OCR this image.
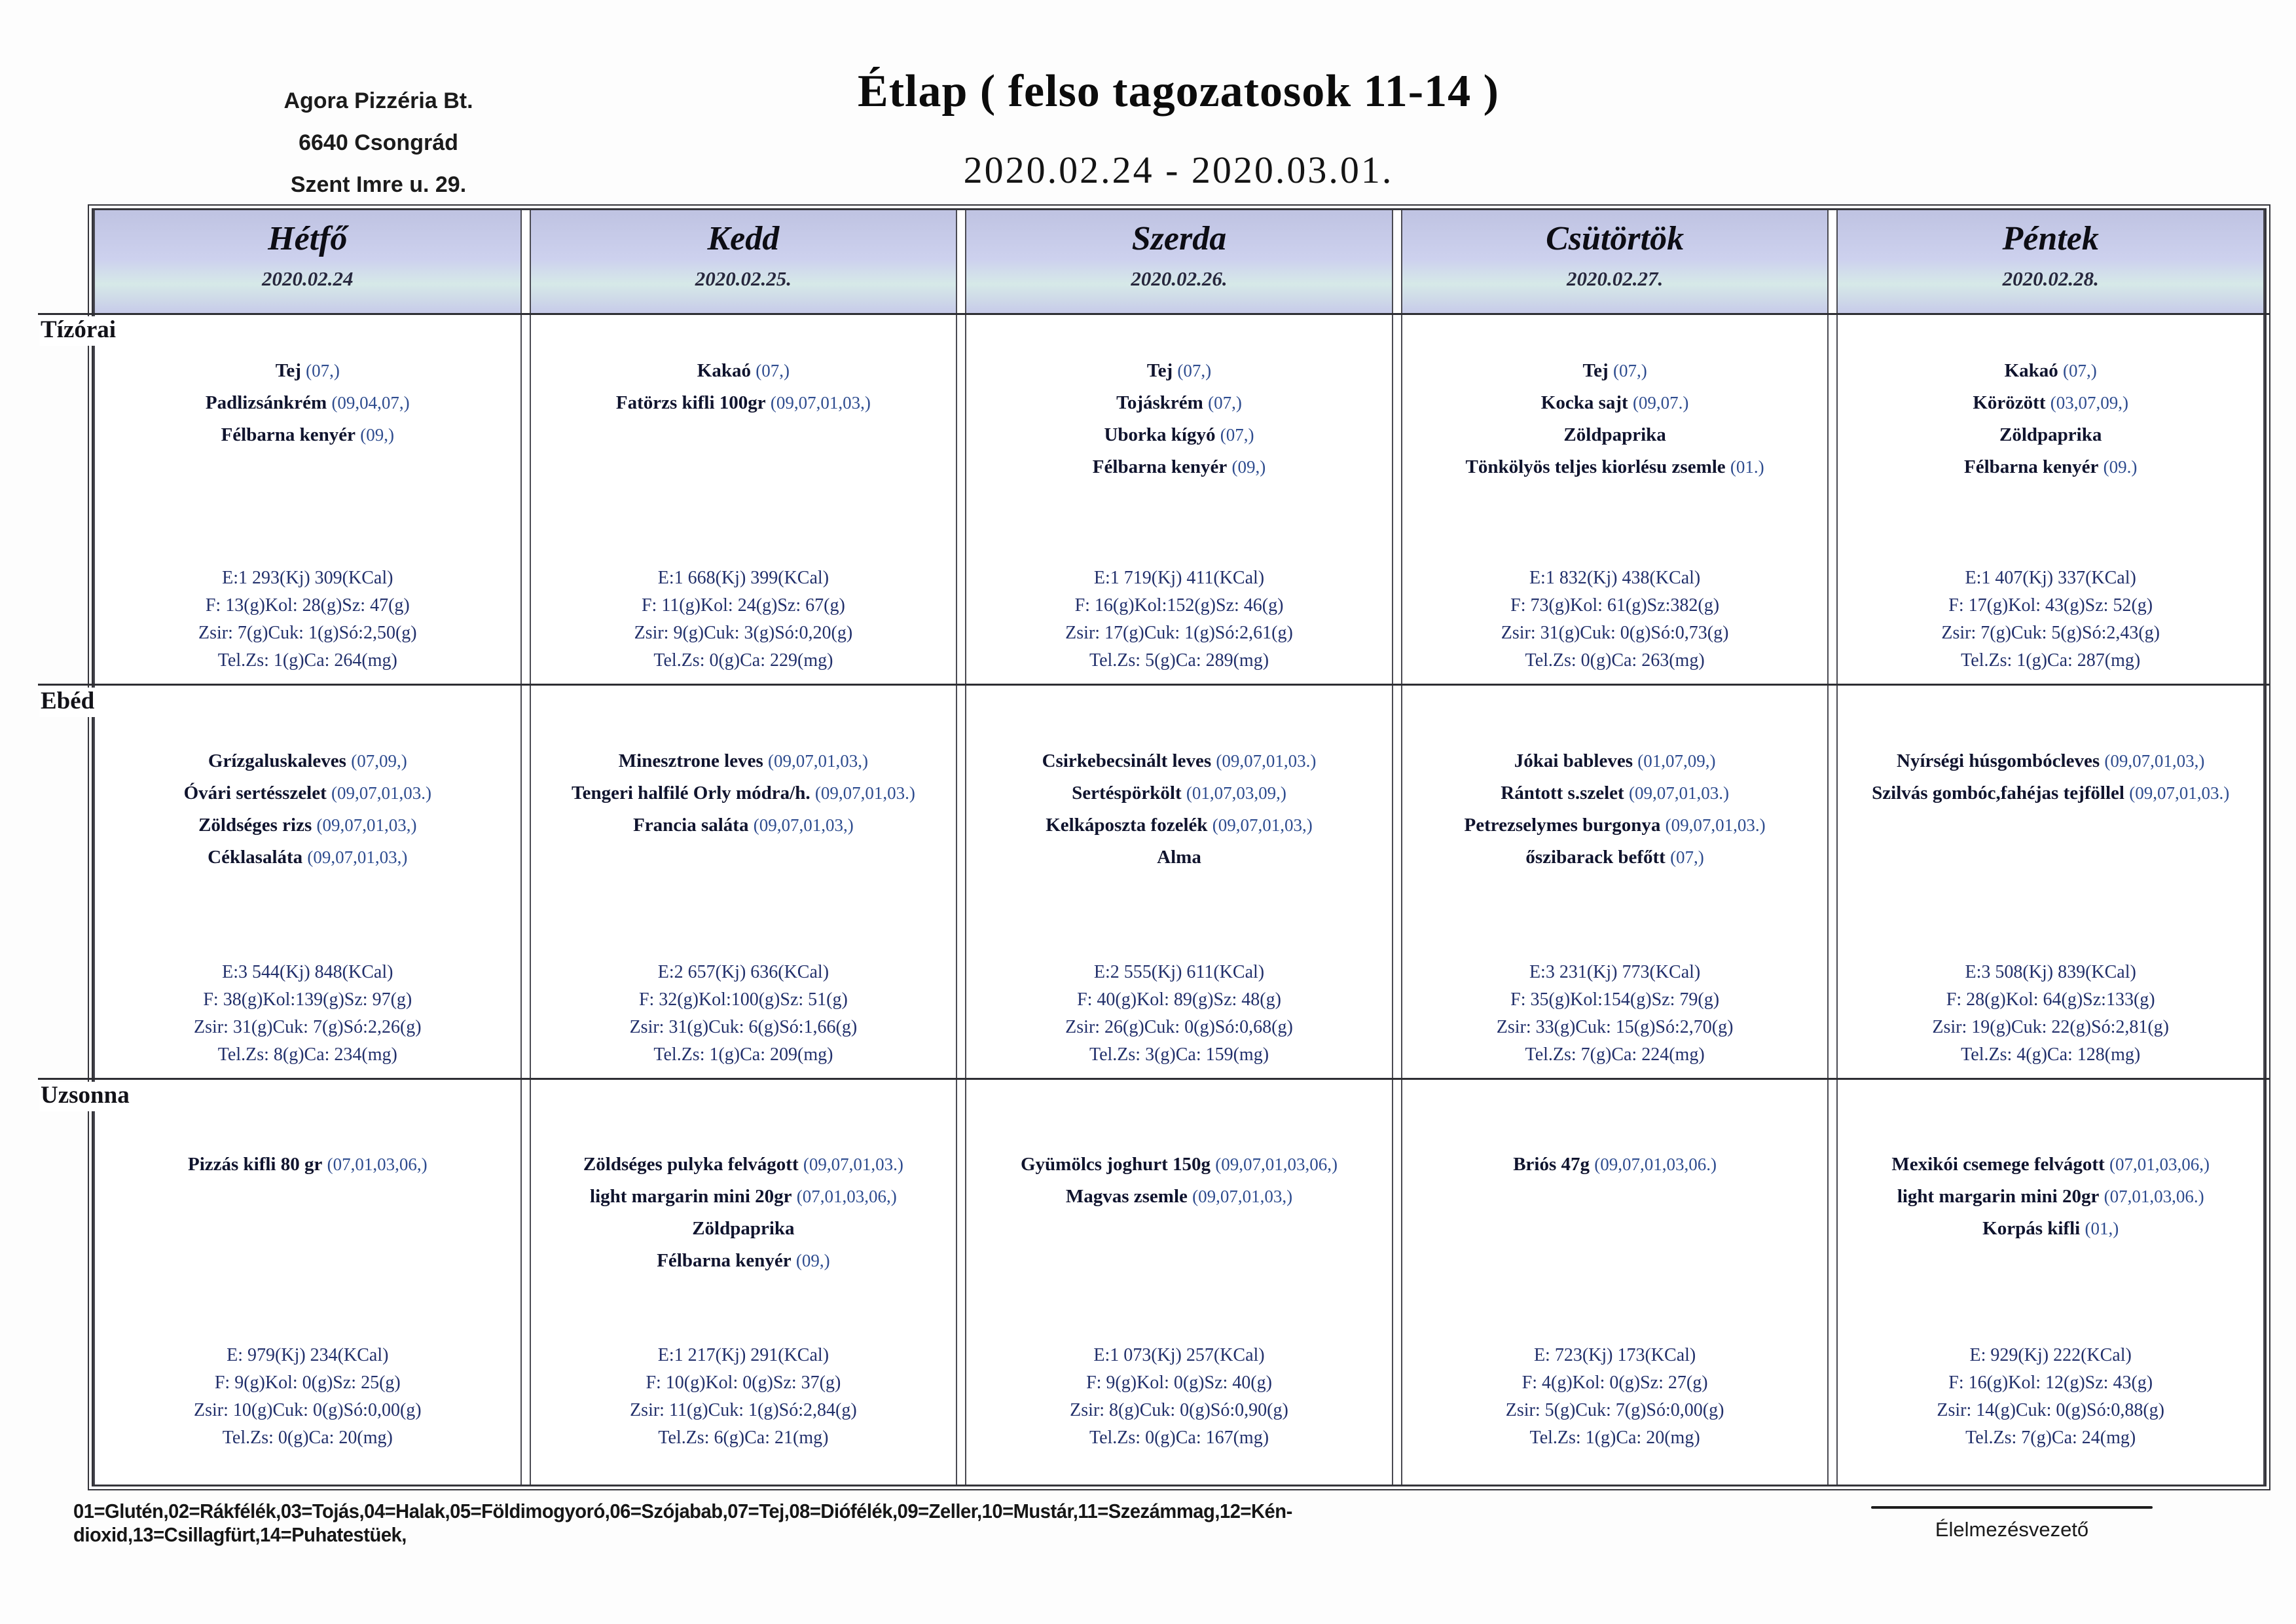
Agora Pizzéria Bt.
6640 Csongrád
Szent Imre u. 29.
Étlap ( felso tagozatosok 11-14 )
2020.02.24 - 2020.03.01.
Hétfő
2020.02.24
Tej (07,)
Padlizsánkrém (09,04,07,)
Félbarna kenyér (09,)
E:1 293(Kj) 309(KCal)
F: 13(g)Kol: 28(g)Sz: 47(g)
Zsir: 7(g)Cuk: 1(g)Só:2,50(g)
Tel.Zs: 1(g)Ca: 264(mg)
Grízgaluskaleves (07,09,)
Óvári sertésszelet (09,07,01,03.)
Zöldséges rizs (09,07,01,03,)
Céklasaláta (09,07,01,03,)
E:3 544(Kj) 848(KCal)
F: 38(g)Kol:139(g)Sz: 97(g)
Zsir: 31(g)Cuk: 7(g)Só:2,26(g)
Tel.Zs: 8(g)Ca: 234(mg)
Pizzás kifli 80 gr (07,01,03,06,)
E: 979(Kj) 234(KCal)
F: 9(g)Kol: 0(g)Sz: 25(g)
Zsir: 10(g)Cuk: 0(g)Só:0,00(g)
Tel.Zs: 0(g)Ca: 20(mg)
Kedd
2020.02.25.
Kakaó (07,)
Fatörzs kifli 100gr (09,07,01,03,)
E:1 668(Kj) 399(KCal)
F: 11(g)Kol: 24(g)Sz: 67(g)
Zsir: 9(g)Cuk: 3(g)Só:0,20(g)
Tel.Zs: 0(g)Ca: 229(mg)
Minesztrone leves (09,07,01,03,)
Tengeri halfilé Orly módra/h. (09,07,01,03.)
Francia saláta (09,07,01,03,)
E:2 657(Kj) 636(KCal)
F: 32(g)Kol:100(g)Sz: 51(g)
Zsir: 31(g)Cuk: 6(g)Só:1,66(g)
Tel.Zs: 1(g)Ca: 209(mg)
Zöldséges pulyka felvágott (09,07,01,03.)
light margarin mini 20gr (07,01,03,06,)
Zöldpaprika
Félbarna kenyér (09,)
E:1 217(Kj) 291(KCal)
F: 10(g)Kol: 0(g)Sz: 37(g)
Zsir: 11(g)Cuk: 1(g)Só:2,84(g)
Tel.Zs: 6(g)Ca: 21(mg)
Szerda
2020.02.26.
Tej (07,)
Tojáskrém (07,)
Uborka kígyó (07,)
Félbarna kenyér (09,)
E:1 719(Kj) 411(KCal)
F: 16(g)Kol:152(g)Sz: 46(g)
Zsir: 17(g)Cuk: 1(g)Só:2,61(g)
Tel.Zs: 5(g)Ca: 289(mg)
Csirkebecsinált leves (09,07,01,03.)
Sertéspörkölt (01,07,03,09,)
Kelkáposzta fozelék (09,07,01,03,)
Alma
E:2 555(Kj) 611(KCal)
F: 40(g)Kol: 89(g)Sz: 48(g)
Zsir: 26(g)Cuk: 0(g)Só:0,68(g)
Tel.Zs: 3(g)Ca: 159(mg)
Gyümölcs joghurt 150g (09,07,01,03,06,)
Magvas zsemle (09,07,01,03,)
E:1 073(Kj) 257(KCal)
F: 9(g)Kol: 0(g)Sz: 40(g)
Zsir: 8(g)Cuk: 0(g)Só:0,90(g)
Tel.Zs: 0(g)Ca: 167(mg)
Csütörtök
2020.02.27.
Tej (07,)
Kocka sajt (09,07.)
Zöldpaprika
Tönkölyös teljes kiorlésu zsemle (01.)
E:1 832(Kj) 438(KCal)
F: 73(g)Kol: 61(g)Sz:382(g)
Zsir: 31(g)Cuk: 0(g)Só:0,73(g)
Tel.Zs: 0(g)Ca: 263(mg)
Jókai bableves (01,07,09,)
Rántott s.szelet (09,07,01,03.)
Petrezselymes burgonya (09,07,01,03.)
őszibarack befőtt (07,)
E:3 231(Kj) 773(KCal)
F: 35(g)Kol:154(g)Sz: 79(g)
Zsir: 33(g)Cuk: 15(g)Só:2,70(g)
Tel.Zs: 7(g)Ca: 224(mg)
Briós 47g (09,07,01,03,06.)
E: 723(Kj) 173(KCal)
F: 4(g)Kol: 0(g)Sz: 27(g)
Zsir: 5(g)Cuk: 7(g)Só:0,00(g)
Tel.Zs: 1(g)Ca: 20(mg)
Péntek
2020.02.28.
Kakaó (07,)
Körözött (03,07,09,)
Zöldpaprika
Félbarna kenyér (09.)
E:1 407(Kj) 337(KCal)
F: 17(g)Kol: 43(g)Sz: 52(g)
Zsir: 7(g)Cuk: 5(g)Só:2,43(g)
Tel.Zs: 1(g)Ca: 287(mg)
Nyírségi húsgombócleves (09,07,01,03,)
Szilvás gombóc,fahéjas tejföllel (09,07,01,03.)
E:3 508(Kj) 839(KCal)
F: 28(g)Kol: 64(g)Sz:133(g)
Zsir: 19(g)Cuk: 22(g)Só:2,81(g)
Tel.Zs: 4(g)Ca: 128(mg)
Mexikói csemege felvágott (07,01,03,06,)
light margarin mini 20gr (07,01,03,06.)
Korpás kifli (01,)
E: 929(Kj) 222(KCal)
F: 16(g)Kol: 12(g)Sz: 43(g)
Zsir: 14(g)Cuk: 0(g)Só:0,88(g)
Tel.Zs: 7(g)Ca: 24(mg)
Tízórai
Ebéd
Uzsonna
01=Glutén,02=Rákfélék,03=Tojás,04=Halak,05=Földimogyoró,06=Szójabab,07=Tej,08=Diófélék,09=Zeller,10=Mustár,11=Szezámmag,12=Kén-dioxid,13=Csillagfürt,14=Puhatestüek,	Élelmezésvezető
